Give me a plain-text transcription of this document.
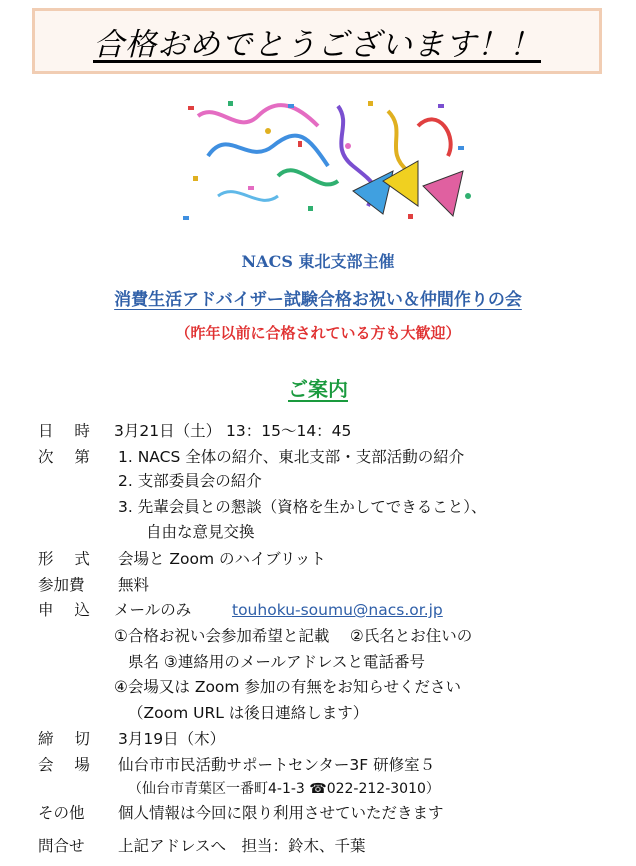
合格おめでとうございます！！
NACS 東北支部主催
消費生活アドバイザー試験合格お祝い＆仲間作りの会
（昨年以前に合格されている方も大歓迎）
ご案内
日 時 3月21日（土） 13：15～14：45
次 第 1. NACS 全体の紹介、東北支部・支部活動の紹介
2. 支部委員会の紹介
3. 先輩会員との懇談（資格を生かしてできること）、
自由な意見交換
形 式 会場と Zoom のハイブリット
参加費 無料
申 込 メールのみ	touhoku-soumu@nacs.or.jp
①合格お祝い会参加希望と記載　 ②氏名とお住いの
県名 ③連絡用のメールアドレスと電話番号
④会場又は Zoom 参加の有無をお知らせください
（Zoom URL は後日連絡します）
締 切 3月19日（木）
会 場 仙台市市民活動サポートセンター3F 研修室５
（仙台市青葉区一番町4-1-3 ☎022-212-3010）
その他 個人情報は今回に限り利用させていただきます
問合せ 上記アドレスへ　担当：鈴木、千葉
